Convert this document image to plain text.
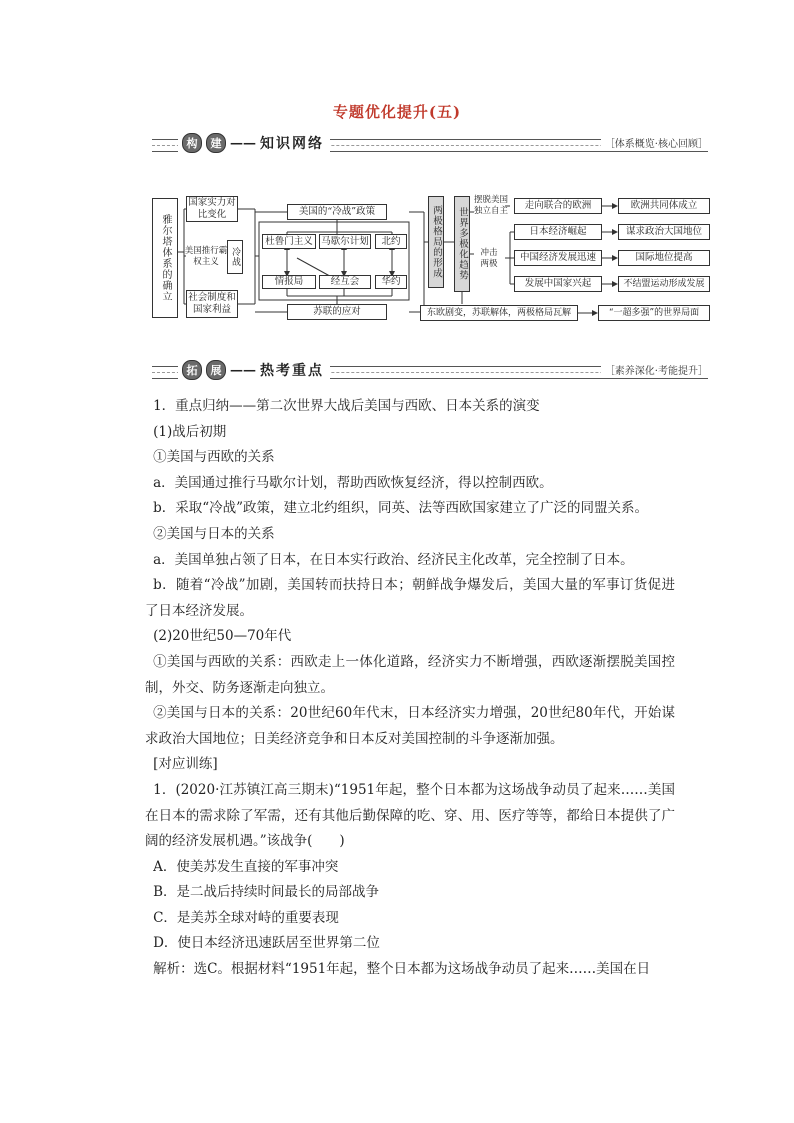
专题优化提升(五)
构	建 —— 知识网络	［体系概览·核心回顾］
雅尔塔体系的确立
国家实力对比变化
美国推行霸权主义	冷战
社会制度和国家利益
美国的“冷战”政策
杜鲁门主义 马歇尔计划	北约
情报局	经互会	华约
苏联的应对
两极格局的形成	世界多极化趋势
摆脱美国独立自主
冲击两极
走向联合的欧洲
日本经济崛起
中国经济发展迅速
发展中国家兴起
欧洲共同体成立
谋求政治大国地位
国际地位提高
不结盟运动形成发展
东欧剧变，苏联解体，两极格局瓦解	“一超多强”的世界局面
拓	展 —— 热考重点	［素养深化·考能提升］

1．重点归纳——第二次世界大战后美国与西欧、日本关系的演变

(1)战后初期

①美国与西欧的关系

a．美国通过推行马歇尔计划，帮助西欧恢复经济，得以控制西欧。

b．采取“冷战”政策，建立北约组织，同英、法等西欧国家建立了广泛的同盟关系。

②美国与日本的关系

a．美国单独占领了日本，在日本实行政治、经济民主化改革，完全控制了日本。

b．随着“冷战”加剧，美国转而扶持日本；朝鲜战争爆发后，美国大量的军事订货促进了日本经济发展。

(2)20世纪50—70年代

①美国与西欧的关系：西欧走上一体化道路，经济实力不断增强，西欧逐渐摆脱美国控制，外交、防务逐渐走向独立。

②美国与日本的关系：20世纪60年代末，日本经济实力增强，20世纪80年代，开始谋求政治大国地位；日美经济竞争和日本反对美国控制的斗争逐渐加强。

[对应训练]

1．(2020·江苏镇江高三期末)“1951年起，整个日本都为这场战争动员了起来……美国在日本的需求除了军需，还有其他后勤保障的吃、穿、用、医疗等等，都给日本提供了广阔的经济发展机遇。”该战争(　　)

A．使美苏发生直接的军事冲突

B．是二战后持续时间最长的局部战争

C．是美苏全球对峙的重要表现

D．使日本经济迅速跃居至世界第二位

解析：选C。根据材料“1951年起，整个日本都为这场战争动员了起来……美国在日
